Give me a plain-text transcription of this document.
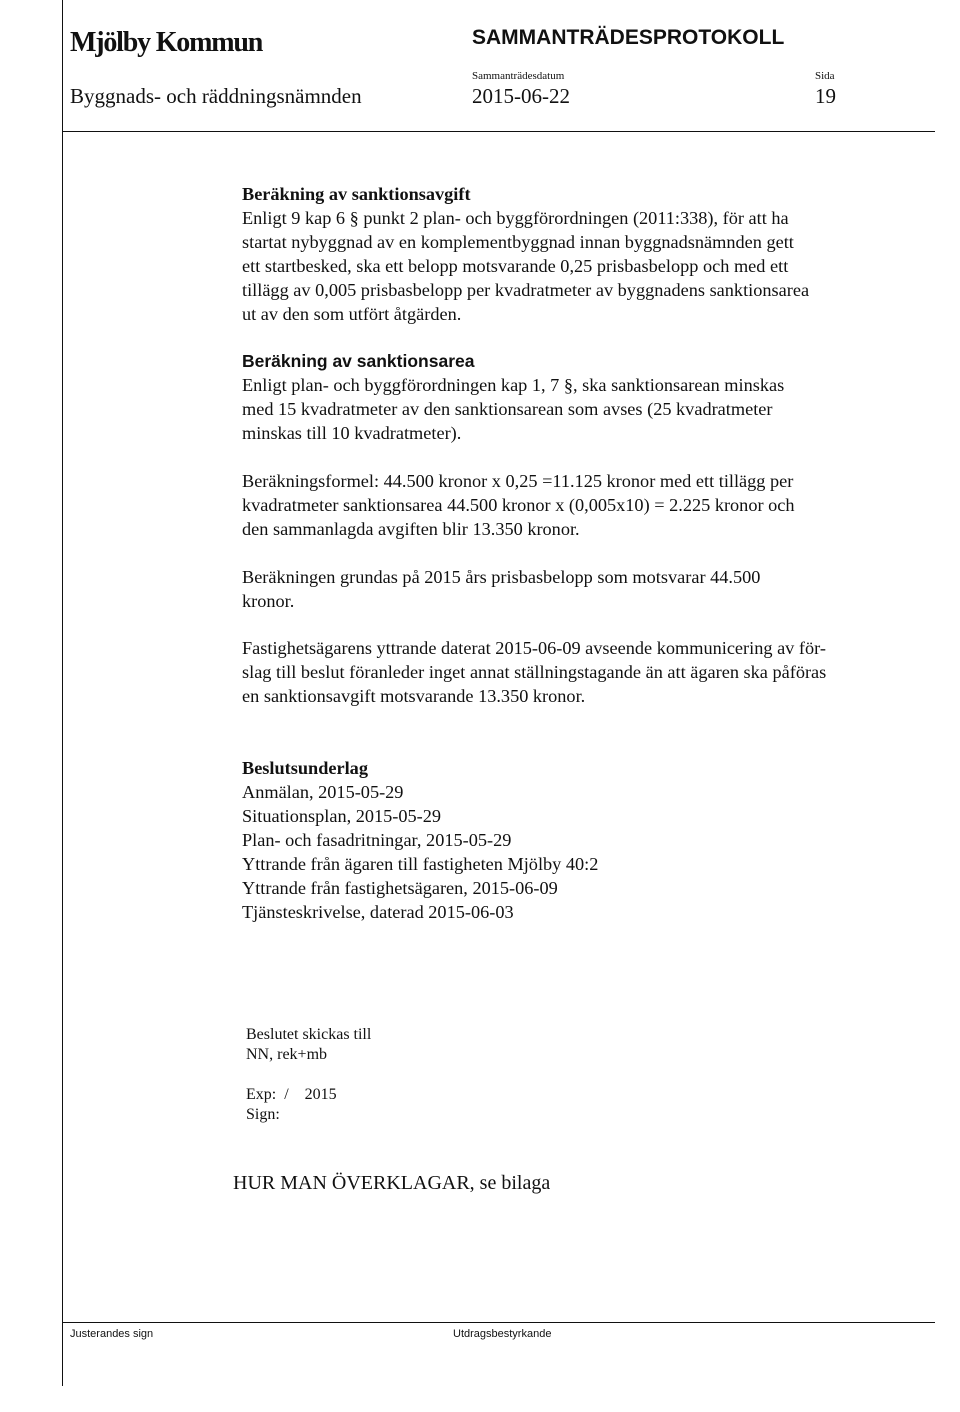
Mjölby Kommun	SAMMANTRÄDESPROTOKOLL
Sammanträdesdatum	Sida
Byggnads- och räddningsnämnden	2015-06-22	19

Beräkning av sanktionsavgift

Enligt 9 kap 6 § punkt 2 plan- och byggförordningen (2011:338), för att ha

startat nybyggnad av en komplementbyggnad innan byggnadsnämnden gett

ett startbesked, ska ett belopp motsvarande 0,25 prisbasbelopp och med ett

tillägg av 0,005 prisbasbelopp per kvadratmeter av byggnadens sanktionsarea

ut av den som utfört åtgärden.

Beräkning av sanktionsarea

Enligt plan- och byggförordningen kap 1, 7 §, ska sanktionsarean minskas

med 15 kvadratmeter av den sanktionsarean som avses (25 kvadratmeter

minskas till 10 kvadratmeter).

Beräkningsformel: 44.500 kronor x 0,25 =11.125 kronor med ett tillägg per

kvadratmeter sanktionsarea 44.500 kronor x (0,005x10) = 2.225 kronor och

den sammanlagda avgiften blir 13.350 kronor.

Beräkningen grundas på 2015 års prisbasbelopp som motsvarar 44.500

kronor.

Fastighetsägarens yttrande daterat 2015-06-09 avseende kommunicering av för-

slag till beslut föranleder inget annat ställningstagande än att ägaren ska påföras

en sanktionsavgift motsvarande 13.350 kronor.

Beslutsunderlag

Anmälan, 2015-05-29

Situationsplan, 2015-05-29

Plan- och fasadritningar, 2015-05-29

Yttrande från ägaren till fastigheten Mjölby 40:2

Yttrande från fastighetsägaren, 2015-06-09

Tjänsteskrivelse, daterad 2015-06-03

Beslutet skickas till
NN, rek+mb
Exp:  /    2015
Sign:
HUR MAN ÖVERKLAGAR, se bilaga
Justerandes sign	Utdragsbestyrkande
